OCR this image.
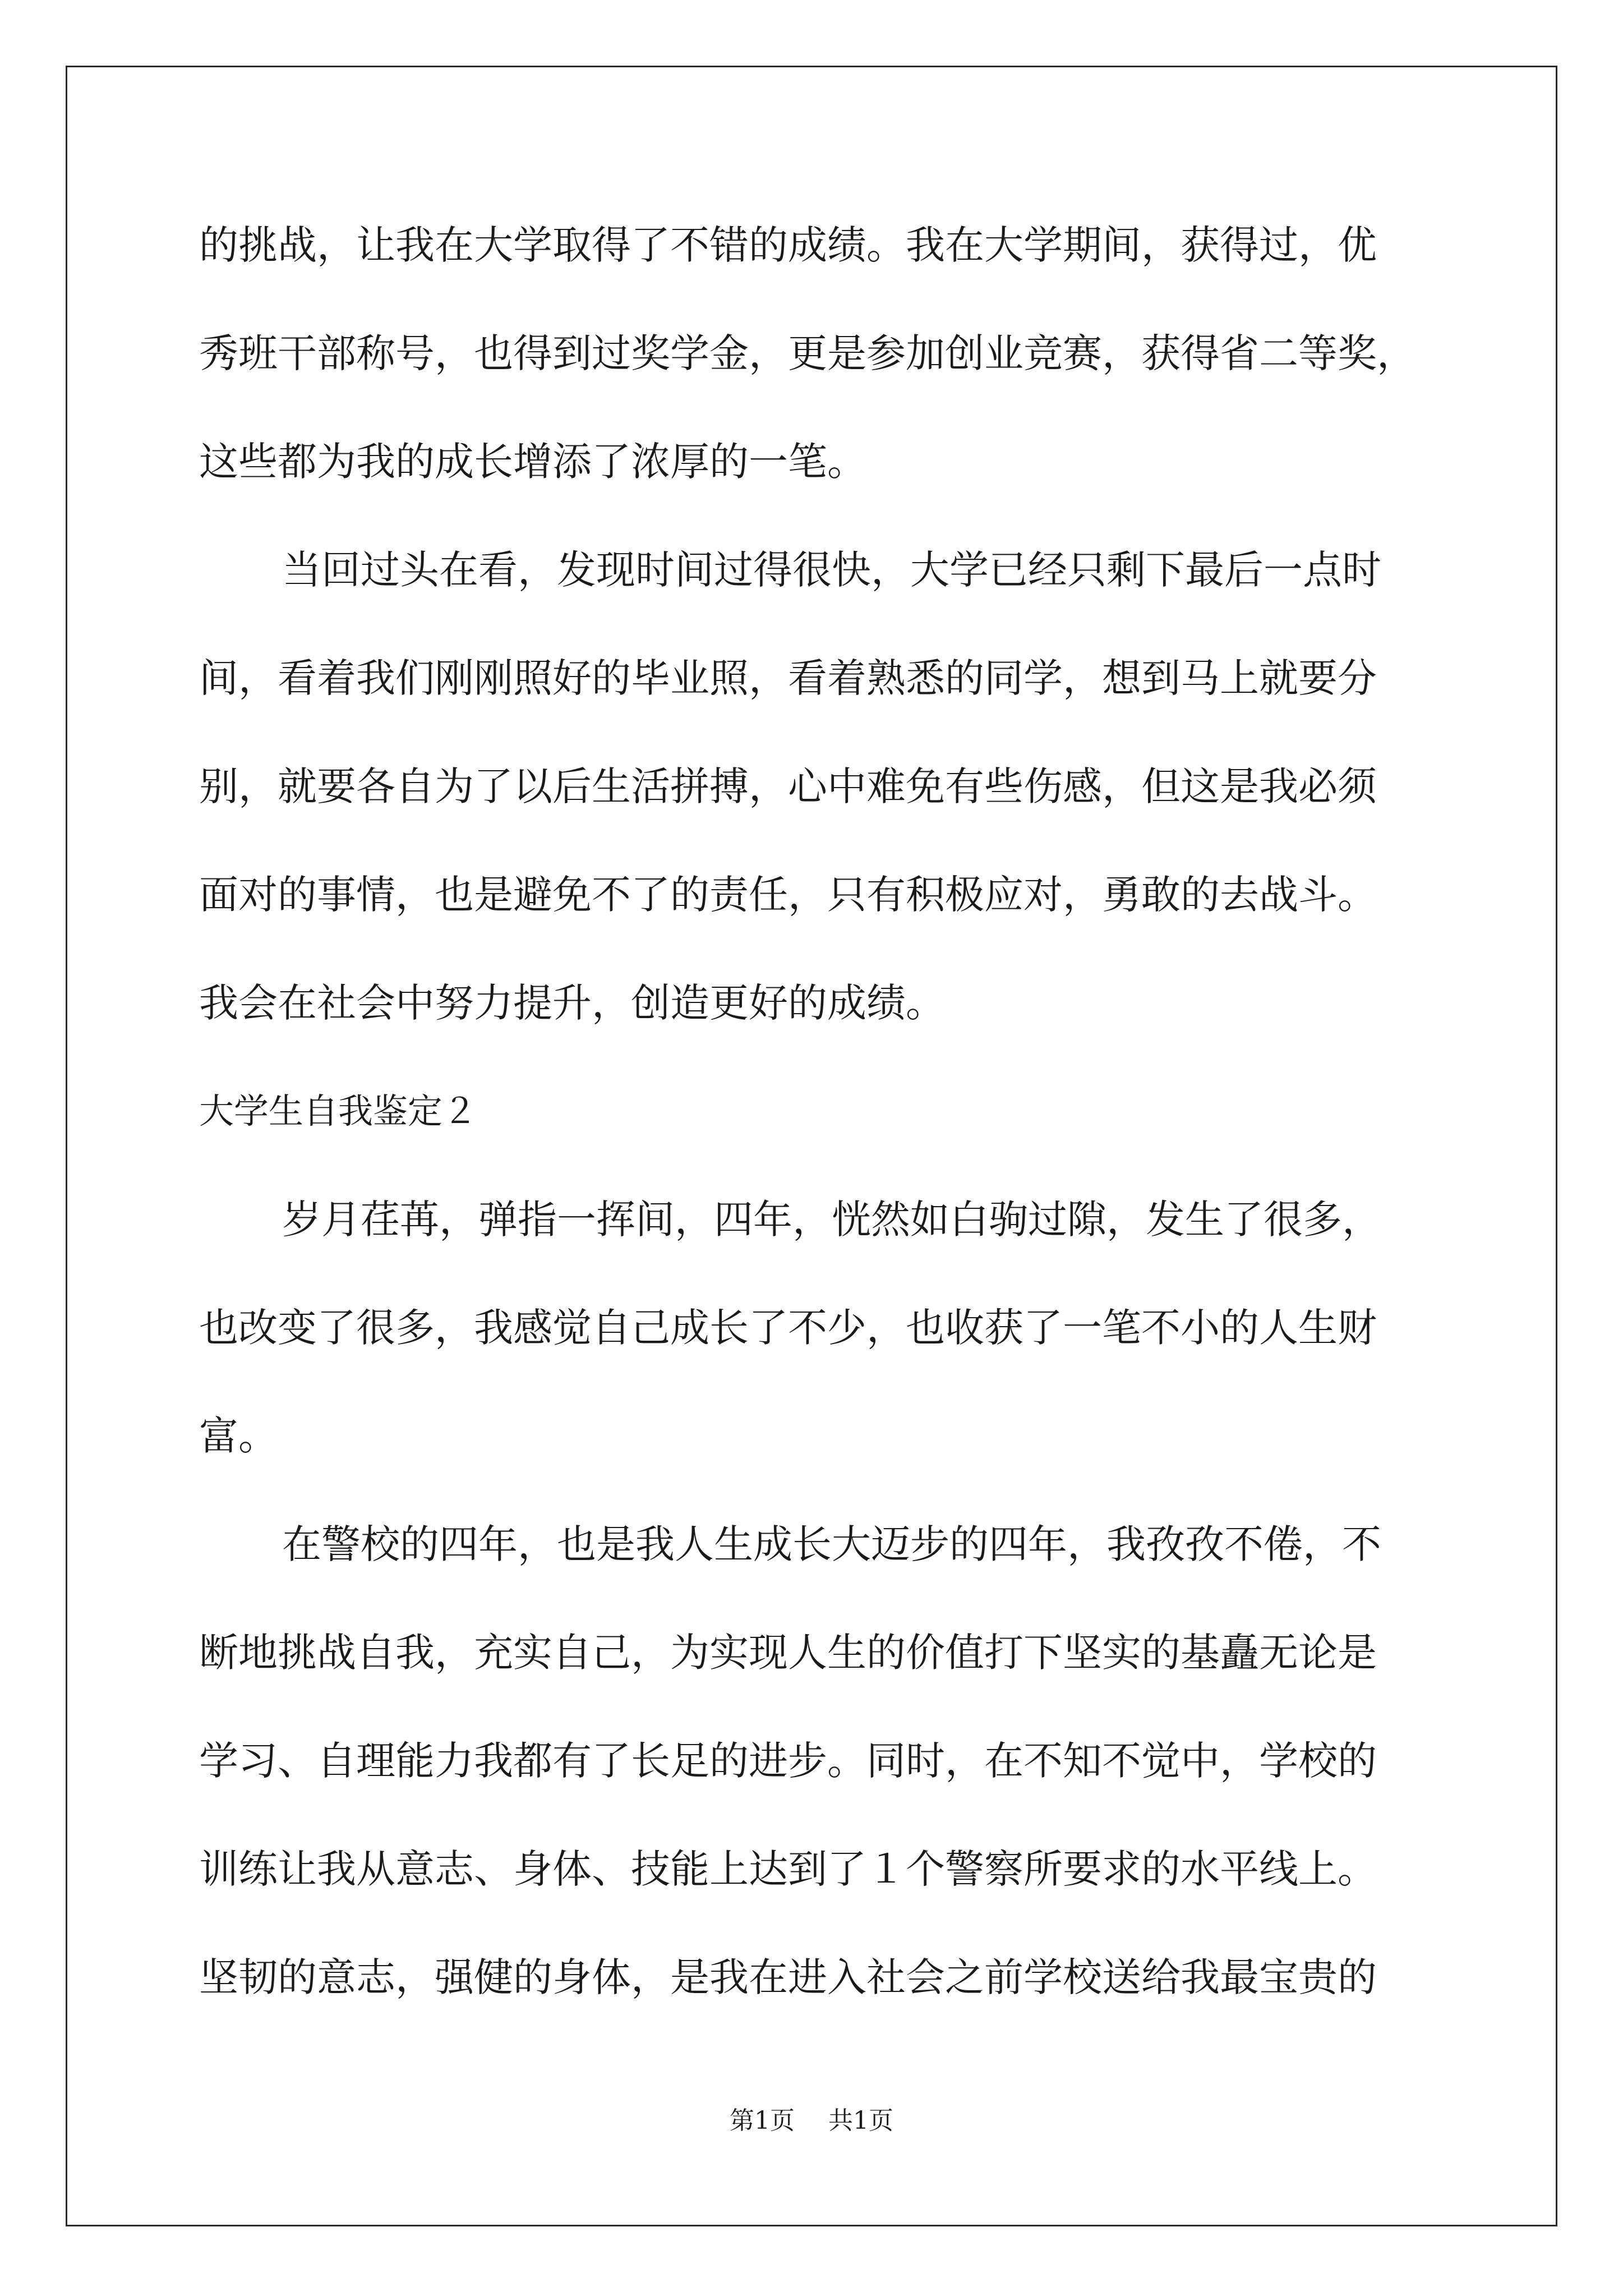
的挑战，让我在大学取得了不错的成绩。我在大学期间，获得过，优
秀班干部称号，也得到过奖学金，更是参加创业竞赛，获得省二等奖，
这些都为我的成长增添了浓厚的一笔。
当回过头在看，发现时间过得很快，大学已经只剩下最后一点时
间，看着我们刚刚照好的毕业照，看着熟悉的同学，想到马上就要分
别，就要各自为了以后生活拼搏，心中难免有些伤感，但这是我必须
面对的事情，也是避免不了的责任，只有积极应对，勇敢的去战斗。
我会在社会中努力提升，创造更好的成绩。
大学生自我鉴定２
岁月荏苒，弹指一挥间，四年，恍然如白驹过隙，发生了很多，
也改变了很多，我感觉自己成长了不少，也收获了一笔不小的人生财
富。
在警校的四年，也是我人生成长大迈步的四年，我孜孜不倦，不
断地挑战自我，充实自己，为实现人生的价值打下坚实的基矗无论是
学习、自理能力我都有了长足的进步。同时，在不知不觉中，学校的
训练让我从意志、身体、技能上达到了１个警察所要求的水平线上。
坚韧的意志，强健的身体，是我在进入社会之前学校送给我最宝贵的
第1页 共1页
